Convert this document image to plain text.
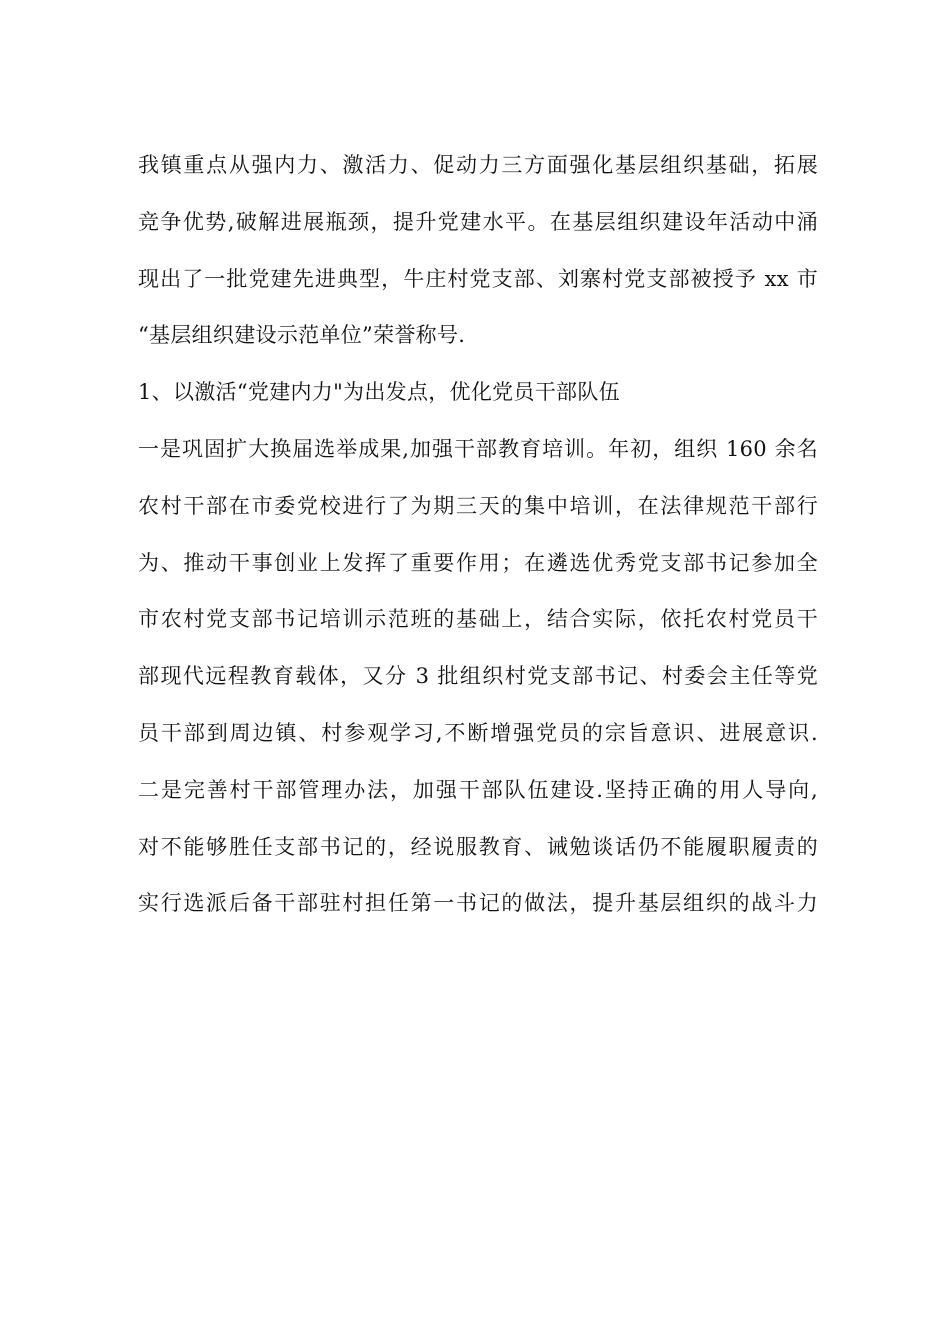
我镇重点从强内力、激活力、促动力三方面强化基层组织基础，拓展
竞争优势,破解进展瓶颈，提升党建水平。在基层组织建设年活动中涌
现出了一批党建先进典型，牛庄村党支部、刘寨村党支部被授予 xx 市
“基层组织建设示范单位”荣誉称号.
1、以激活“党建内力"为出发点，优化党员干部队伍
一是巩固扩大换届选举成果,加强干部教育培训。年初，组织 160 余名
农村干部在市委党校进行了为期三天的集中培训，在法律规范干部行
为、推动干事创业上发挥了重要作用；在遴选优秀党支部书记参加全
市农村党支部书记培训示范班的基础上，结合实际，依托农村党员干
部现代远程教育载体，又分 3 批组织村党支部书记、村委会主任等党
员干部到周边镇、村参观学习,不断增强党员的宗旨意识、进展意识.
二是完善村干部管理办法，加强干部队伍建设.坚持正确的用人导向,
对不能够胜任支部书记的，经说服教育、诫勉谈话仍不能履职履责的
实行选派后备干部驻村担任第一书记的做法，提升基层组织的战斗力
